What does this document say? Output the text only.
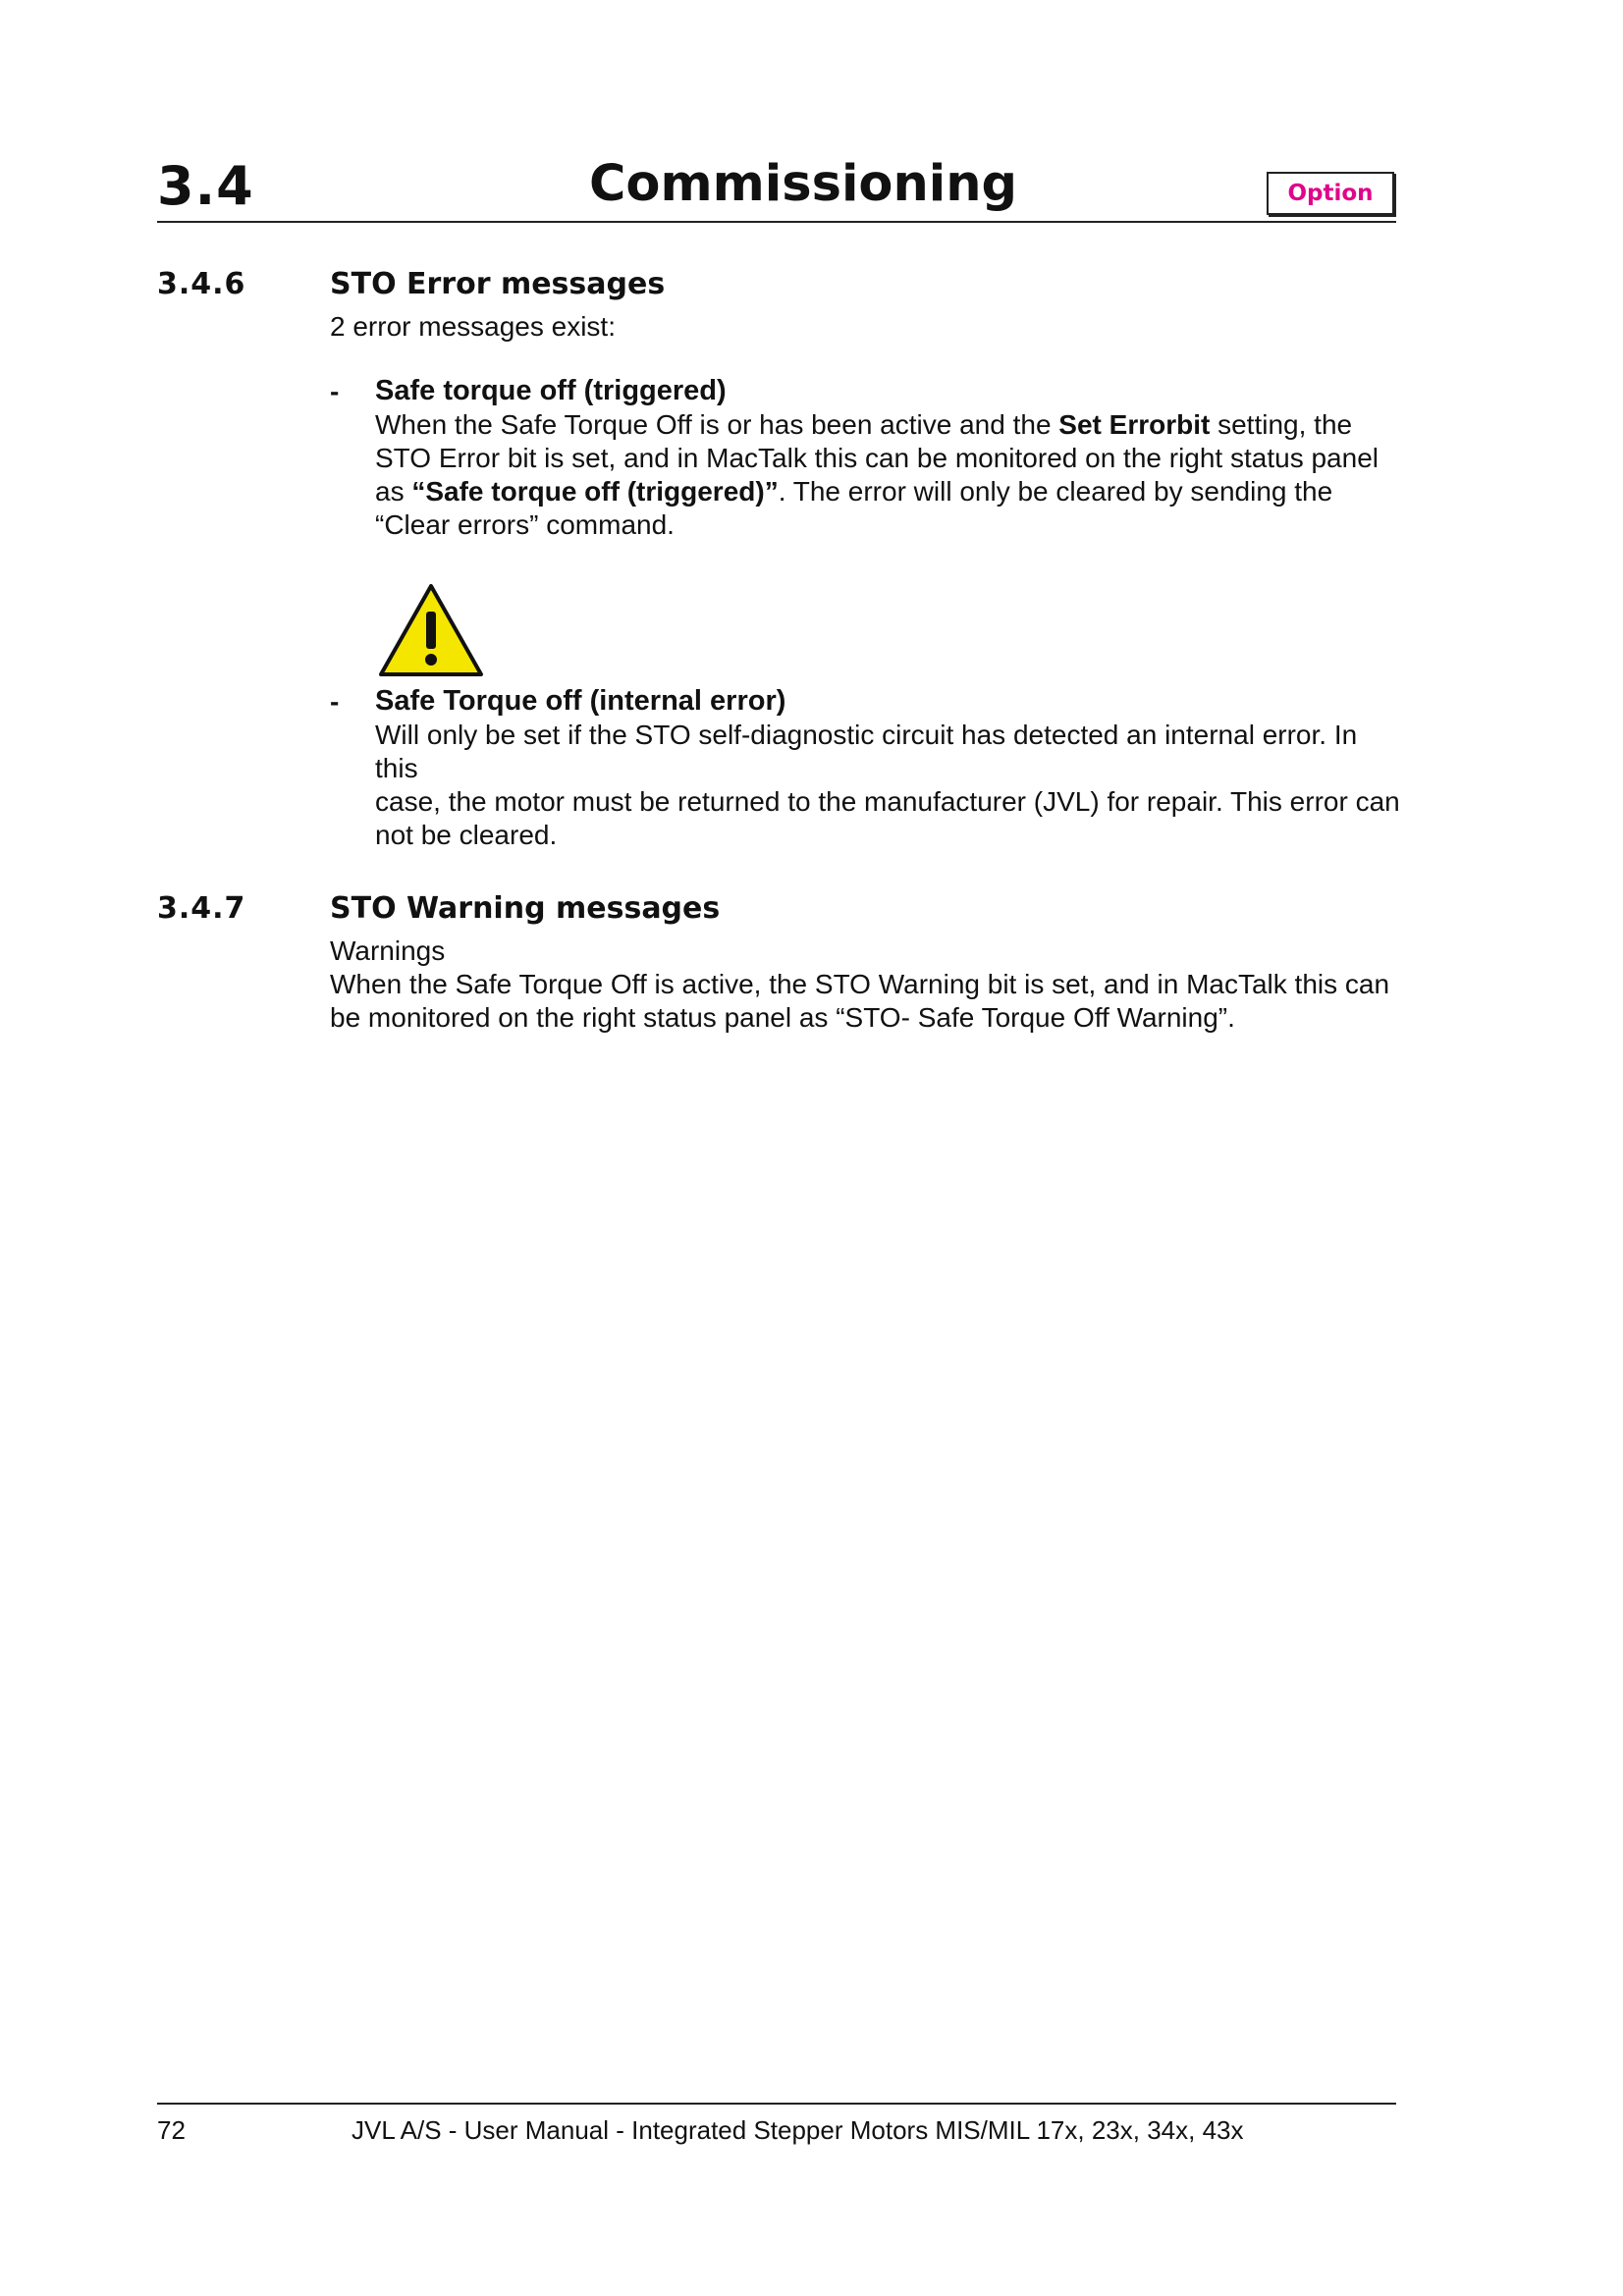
3.4	Commissioning	Option
3.4.6	STO Error messages
2 error messages exist:
- Safe torque off (triggered)
When the Safe Torque Off is or has been active and the Set Errorbit setting, the
STO Error bit is set, and in MacTalk this can be monitored on the right status panel
as “Safe torque off (triggered)”. The error will only be cleared by sending the
“Clear errors” command.
- Safe Torque off (internal error)
Will only be set if the STO self-diagnostic circuit has detected an internal error. In this
case, the motor must be returned to the manufacturer (JVL) for repair. This error can
not be cleared.
3.4.7	STO Warning messages
Warnings
When the Safe Torque Off is active, the STO Warning bit is set, and in MacTalk this can
be monitored on the right status panel as “STO- Safe Torque Off Warning”.
72	JVL A/S - User Manual - Integrated Stepper Motors MIS/MIL 17x, 23x, 34x, 43x
